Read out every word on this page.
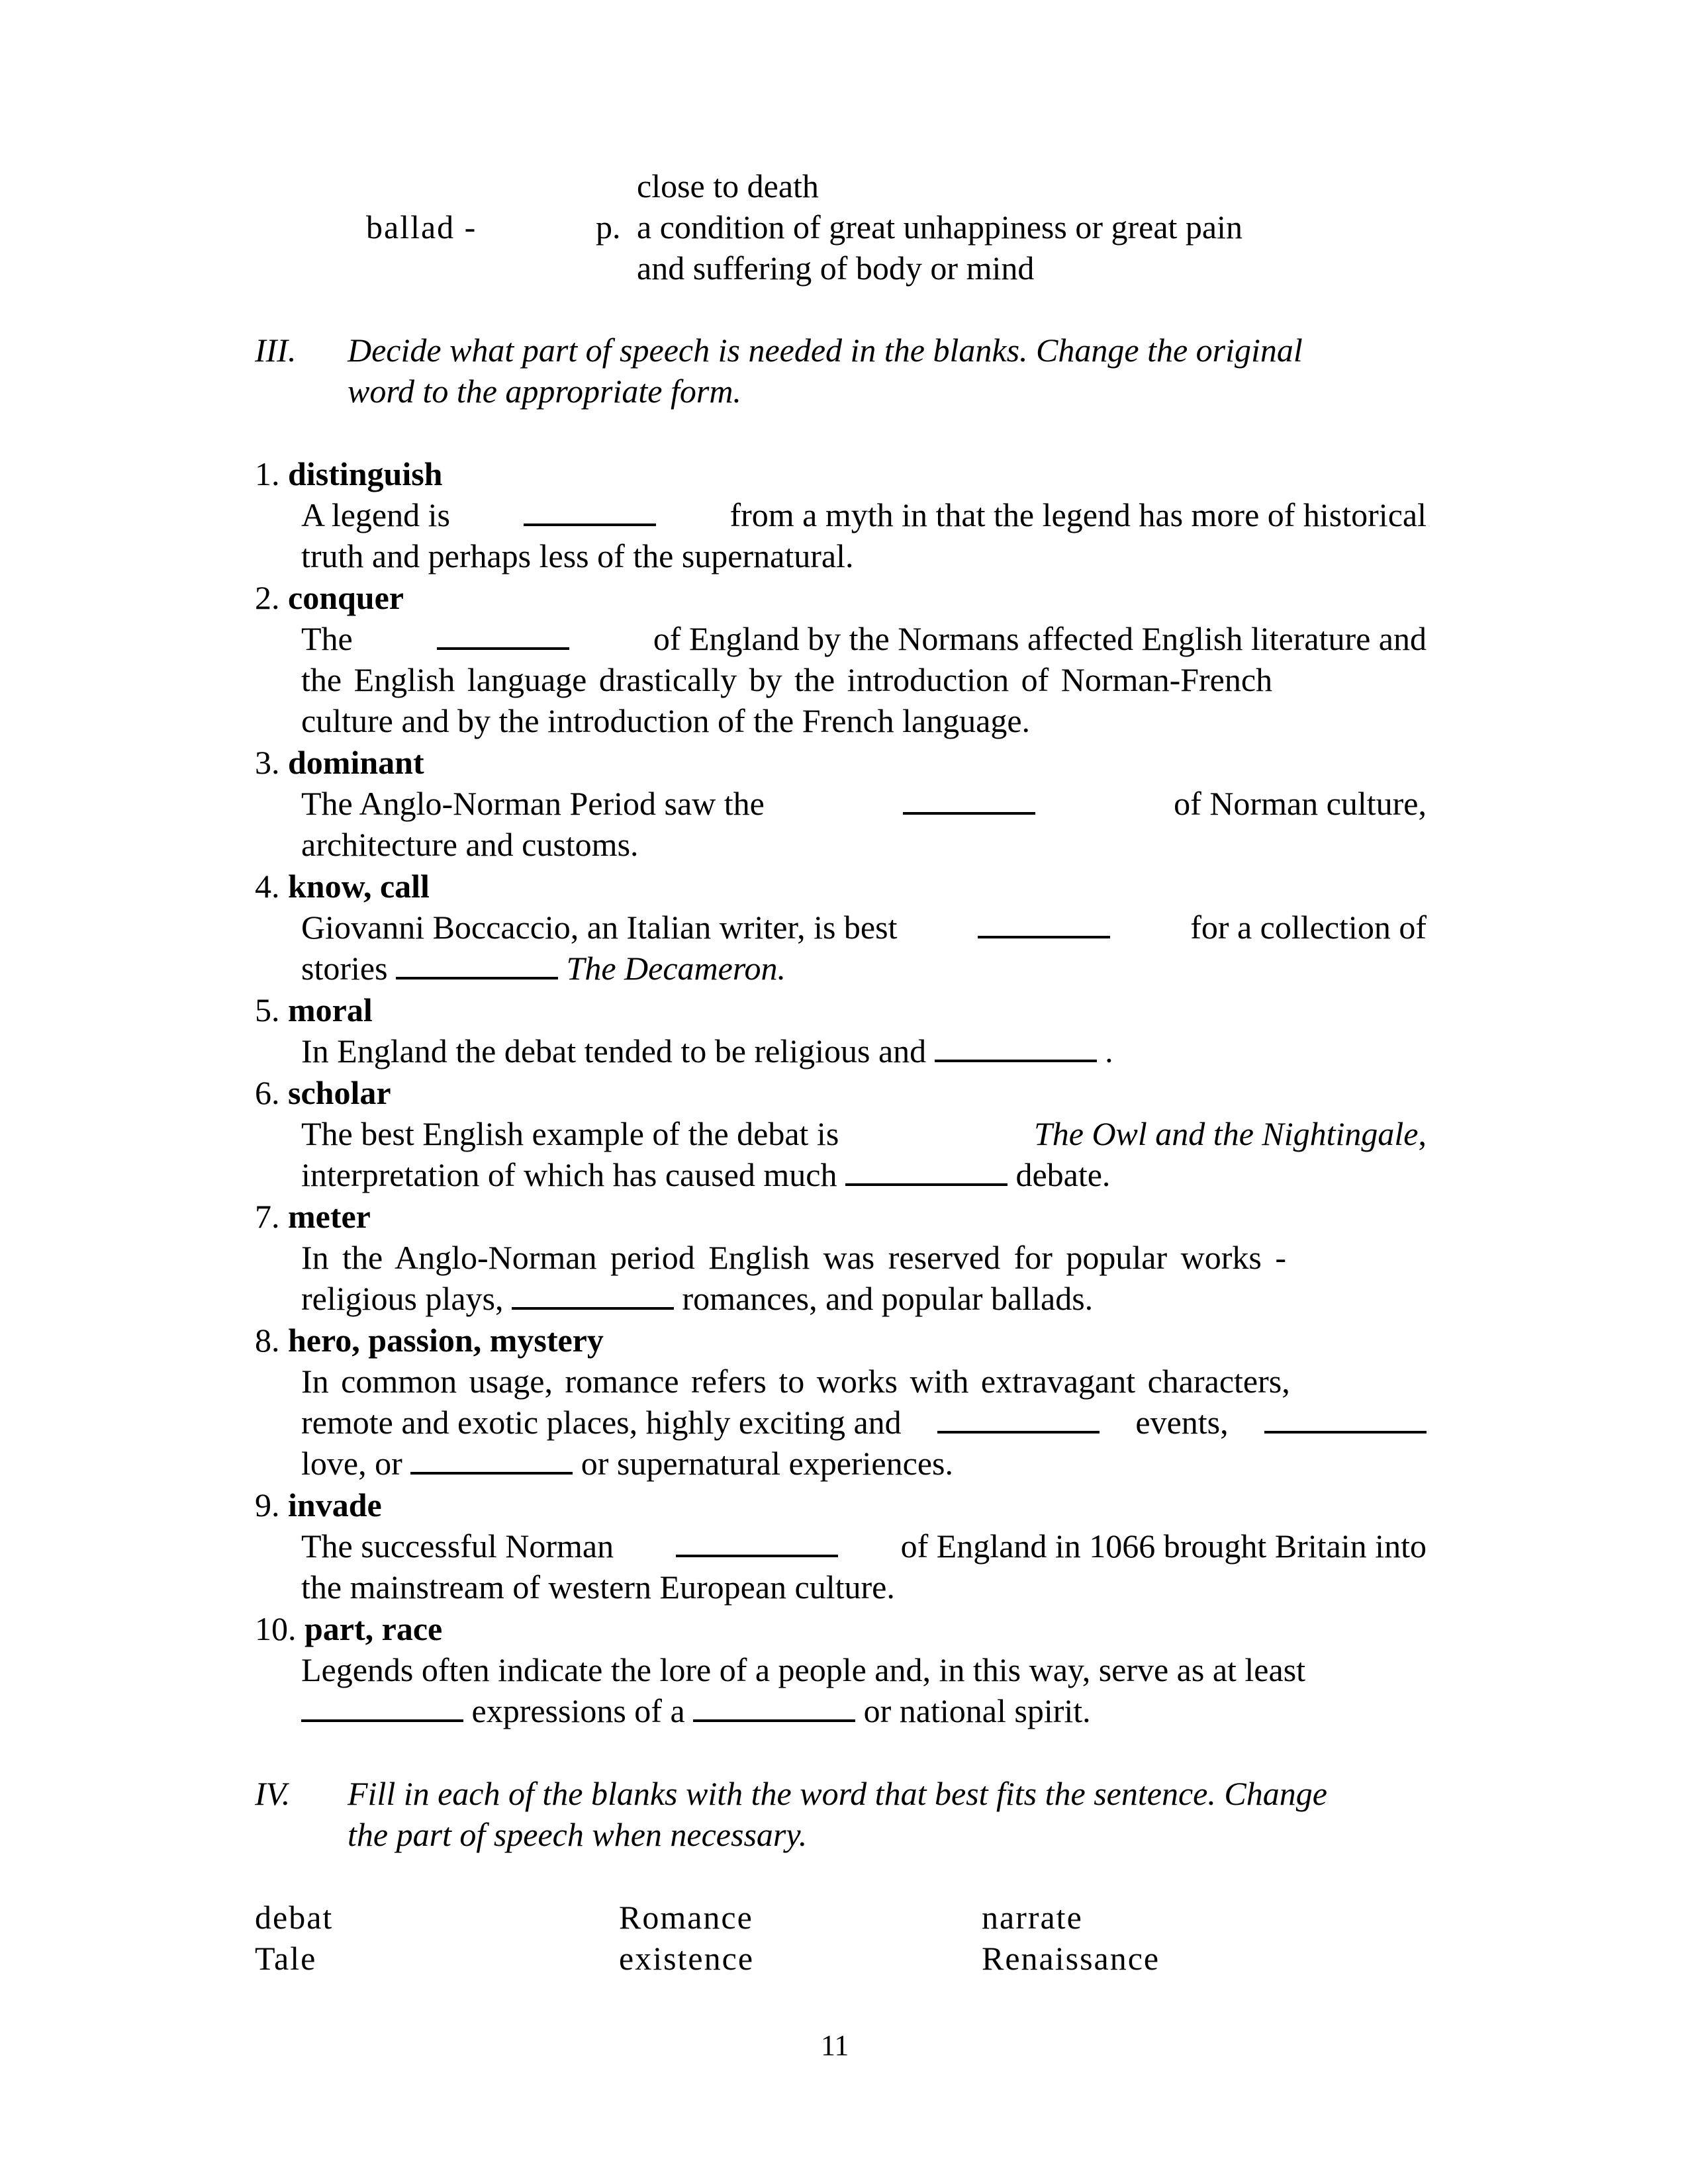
close to death
ballad -	p. a condition of great unhappiness or great pain
and suffering of body or mind
III. Decide what part of speech is needed in the blanks. Change the original
word to the appropriate form.
1. distinguish
A legend is	from a myth in that the legend has more of historical
truth and perhaps less of the supernatural.
2. conquer
The	of England by the Normans affected English literature and
the English language drastically by the introduction of Norman-French
culture and by the introduction of the French language.
3. dominant
The Anglo-Norman Period saw the	of Norman culture,
architecture and customs.
4. know, call
Giovanni Boccaccio, an Italian writer, is best	for a collection of
stories	The Decameron.
5. moral
In England the debat tended to be religious and	.
6. scholar
The best English example of the debat is	The Owl and the Nightingale,
interpretation of which has caused much	debate.
7. meter
In the Anglo-Norman period English was reserved for popular works -
religious plays,	romances, and popular ballads.
8. hero, passion, mystery
In common usage, romance refers to works with extravagant characters,
remote and exotic places, highly exciting and	events,
love, or	or supernatural experiences.
9. invade
The successful Norman	of England in 1066 brought Britain into
the mainstream of western European culture.
10. part, race
Legends often indicate the lore of a people and, in this way, serve as at least
expressions of a	or national spirit.
IV. Fill in each of the blanks with the word that best fits the sentence. Change
the part of speech when necessary.
debat	Romance	narrate
Tale	existence	Renaissance
11
